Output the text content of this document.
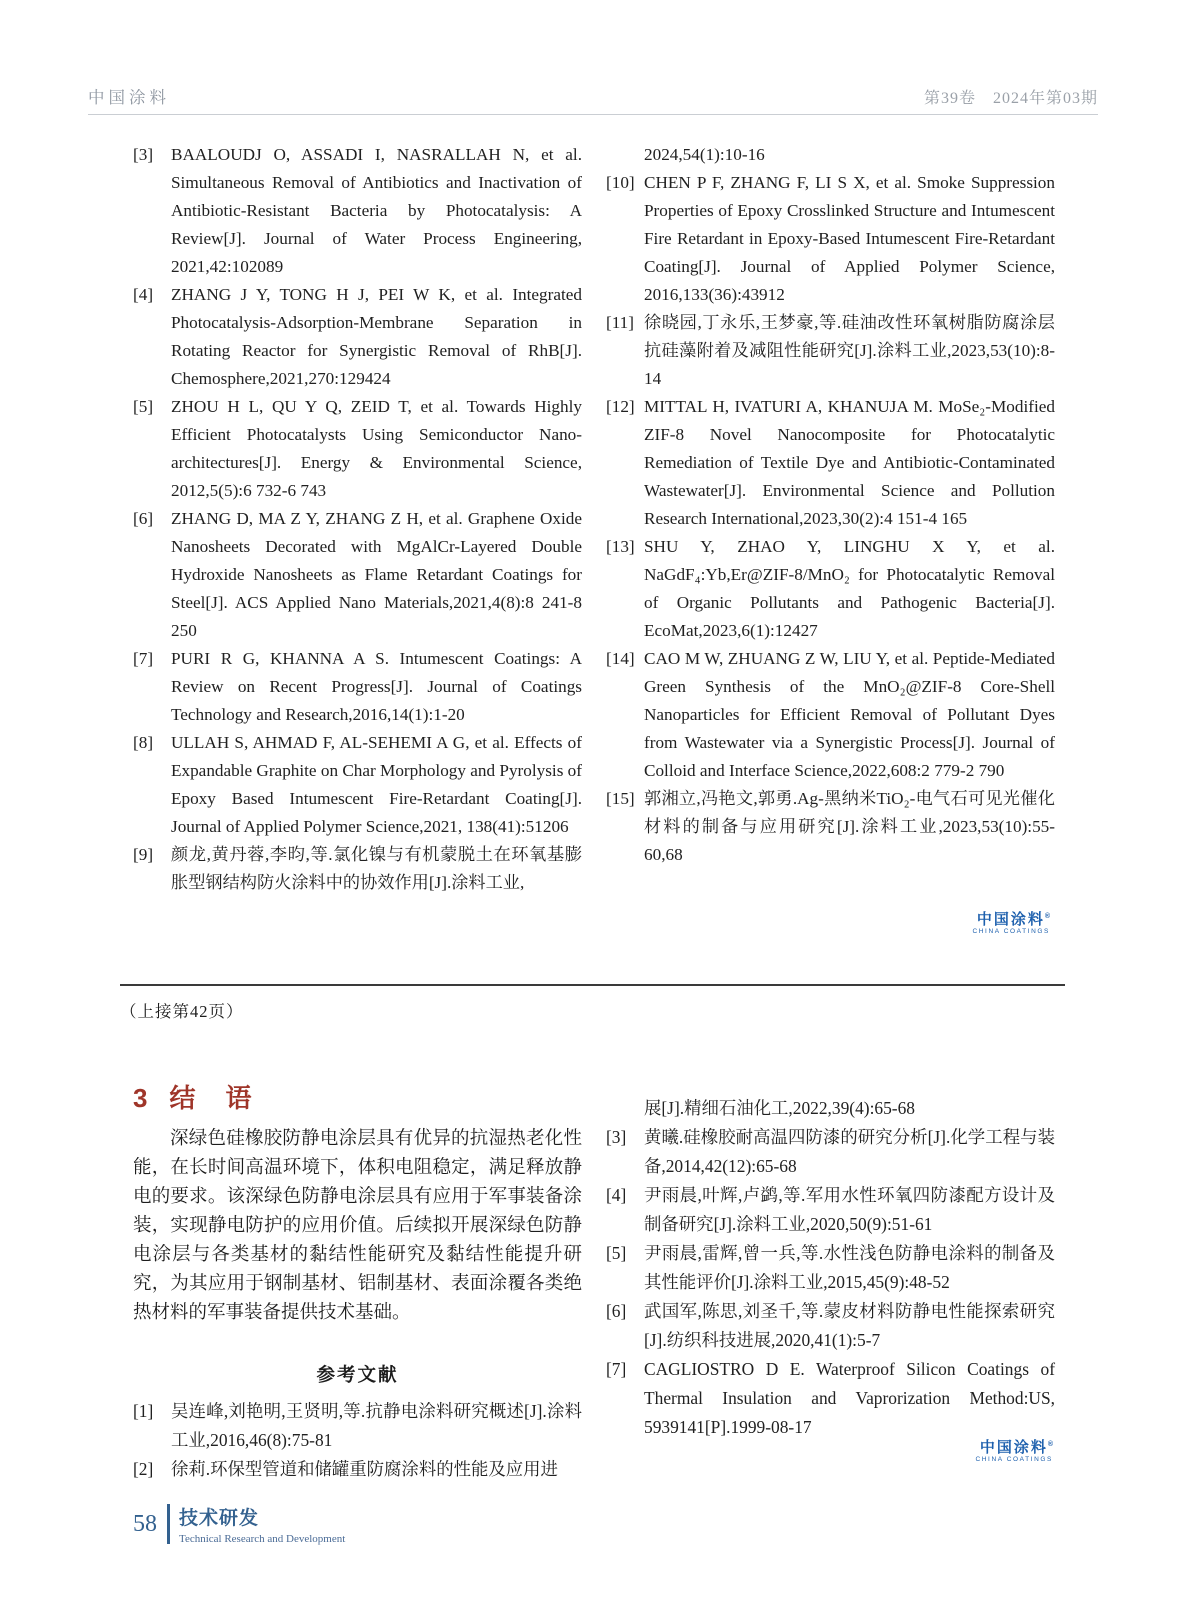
中国涂料	第39卷　2024年第03期
[3] BAALOUDJ O, ASSADI I, NASRALLAH N, et al. Simultaneous Removal of Antibiotics and Inactivation of Antibiotic-Resistant Bacteria by Photocatalysis: A Review[J]. Journal of Water Process Engineering, 2021,42:102089
[4] ZHANG J Y, TONG H J, PEI W K, et al. Integrated Photocatalysis-Adsorption-Membrane Separation in Rotating Reactor for Synergistic Removal of RhB[J]. Chemosphere,2021,270:129424
[5] ZHOU H L, QU Y Q, ZEID T, et al. Towards Highly Efficient Photocatalysts Using Semiconductor Nano-architectures[J]. Energy & Environmental Science, 2012,5(5):6 732-6 743
[6] ZHANG D, MA Z Y, ZHANG Z H, et al. Graphene Oxide Nanosheets Decorated with MgAlCr-Layered Double Hydroxide Nanosheets as Flame Retardant Coatings for Steel[J]. ACS Applied Nano Materials,2021,4(8):8 241-8 250
[7] PURI R G, KHANNA A S. Intumescent Coatings: A Review on Recent Progress[J]. Journal of Coatings Technology and Research,2016,14(1):1-20
[8] ULLAH S, AHMAD F, AL-SEHEMI A G, et al. Effects of Expandable Graphite on Char Morphology and Pyrolysis of Epoxy Based Intumescent Fire-Retardant Coating[J]. Journal of Applied Polymer Science,2021, 138(41):51206
[9] 颜龙,黄丹蓉,李昀,等.氯化镍与有机蒙脱土在环氧基膨胀型钢结构防火涂料中的协效作用[J].涂料工业,
2024,54(1):10-16
[10] CHEN P F, ZHANG F, LI S X, et al. Smoke Suppression Properties of Epoxy Crosslinked Structure and Intumescent Fire Retardant in Epoxy-Based Intumescent Fire-Retardant Coating[J]. Journal of Applied Polymer Science, 2016,133(36):43912
[11] 徐晓园,丁永乐,王梦豪,等.硅油改性环氧树脂防腐涂层抗硅藻附着及减阻性能研究[J].涂料工业,2023,53(10):8-14
[12] MITTAL H, IVATURI A, KHANUJA M. MoSe₂-Modified ZIF-8 Novel Nanocomposite for Photocatalytic Remediation of Textile Dye and Antibiotic-Contaminated Wastewater[J]. Environmental Science and Pollution Research International,2023,30(2):4 151-4 165
[13] SHU Y, ZHAO Y, LINGHU X Y, et al. NaGdF₄:Yb,Er@ZIF-8/MnO₂ for Photocatalytic Removal of Organic Pollutants and Pathogenic Bacteria[J]. EcoMat,2023,6(1):12427
[14] CAO M W, ZHUANG Z W, LIU Y, et al. Peptide-Mediated Green Synthesis of the MnO₂@ZIF-8 Core-Shell Nanoparticles for Efficient Removal of Pollutant Dyes from Wastewater via a Synergistic Process[J]. Journal of Colloid and Interface Science,2022,608:2 779-2 790
[15] 郭湘立,冯艳文,郭勇.Ag-黑纳米TiO₂-电气石可见光催化材料的制备与应用研究[J].涂料工业,2023,53(10):55-60,68
中国涂料®
CHINA COATINGS
（上接第42页）
3 结　语
深绿色硅橡胶防静电涂层具有优异的抗湿热老化性能，在长时间高温环境下，体积电阻稳定，满足释放静电的要求。该深绿色防静电涂层具有应用于军事装备涂装，实现静电防护的应用价值。后续拟开展深绿色防静电涂层与各类基材的黏结性能研究及黏结性能提升研究，为其应用于钢制基材、铝制基材、表面涂覆各类绝热材料的军事装备提供技术基础。
参考文献
[1] 吴连峰,刘艳明,王贤明,等.抗静电涂料研究概述[J].涂料工业,2016,46(8):75-81
[2] 徐莉.环保型管道和储罐重防腐涂料的性能及应用进
展[J].精细石油化工,2022,39(4):65-68
[3] 黄曦.硅橡胶耐高温四防漆的研究分析[J].化学工程与装备,2014,42(12):65-68
[4] 尹雨晨,叶辉,卢鹢,等.军用水性环氧四防漆配方设计及制备研究[J].涂料工业,2020,50(9):51-61
[5] 尹雨晨,雷辉,曾一兵,等.水性浅色防静电涂料的制备及其性能评价[J].涂料工业,2015,45(9):48-52
[6] 武国军,陈思,刘圣千,等.蒙皮材料防静电性能探索研究[J].纺织科技进展,2020,41(1):5-7
[7] CAGLIOSTRO D E. Waterproof Silicon Coatings of Thermal Insulation and Vaprorization Method:US, 5939141[P].1999-08-17
中国涂料®
CHINA COATINGS
58 技术研发
Technical Research and Development
